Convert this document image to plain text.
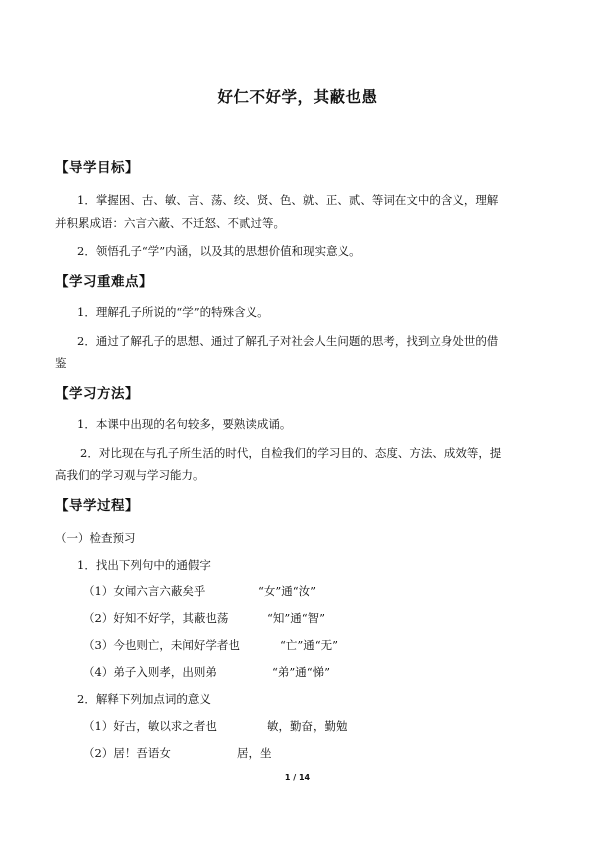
好仁不好学，其蔽也愚
【导学目标】
1．掌握困、古、敏、言、荡、绞、贤、色、就、正、贰、等词在文中的含义，理解
并积累成语：六言六蔽、不迁怒、不贰过等。
2．领悟孔子“学”内涵，以及其的思想价值和现实意义。
【学习重难点】
1．理解孔子所说的“学”的特殊含义。
2．通过了解孔子的思想、通过了解孔子对社会人生问题的思考，找到立身处世的借
鉴
【学习方法】
1．本课中出现的名句较多，要熟读成诵。
2．对比现在与孔子所生活的时代，自检我们的学习目的、态度、方法、成效等，提
高我们的学习观与学习能力。
【导学过程】
（一）检查预习
1．找出下列句中的通假字
（1）女闻六言六蔽矣乎	“女”通“汝”
（2）好知不好学，其蔽也荡	“知”通“智”
（3）今也则亡，未闻好学者也	“亡”通“无”
（4）弟子入则孝，出则弟	“弟”通“悌”
2．解释下列加点词的意义
（1）好古，敏以求之者也	敏，勤奋，勤勉
（2）居！吾语女	居，坐
1 / 14
